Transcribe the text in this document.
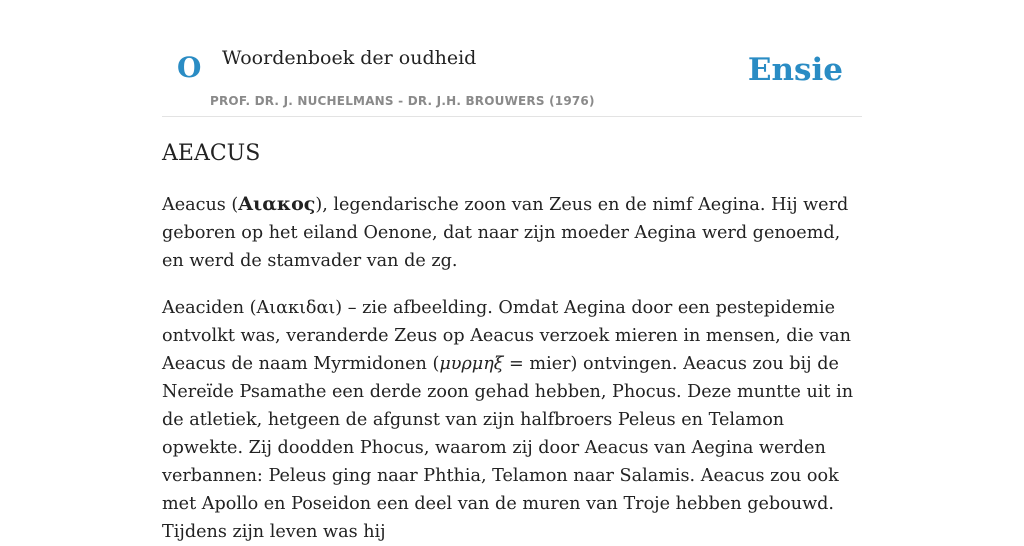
O Woordenboek der oudheid
PROF. DR. J. NUCHELMANS - DR. J.H. BROUWERS (1976)
Ensie
AEACUS

Aeacus (Αιακος), legendarische zoon van Zeus en de nimf Aegina. Hij werd geboren op het eiland Oenone, dat naar zijn moeder Aegina werd genoemd, en werd de stamvader van de zg.

Aeaciden (Αιακιδαι) – zie afbeelding. Omdat Aegina door een pestepidemie ontvolkt was, veranderde Zeus op Aeacus verzoek mieren in mensen, die van Aeacus de naam Myrmidonen (μυρμηξ = mier) ontvingen. Aeacus zou bij de Nereïde Psamathe een derde zoon gehad hebben, Phocus. Deze muntte uit in de atletiek, hetgeen de afgunst van zijn halfbroers Peleus en Telamon opwekte. Zij doodden Phocus, waarom zij door Aeacus van Aegina werden verbannen: Peleus ging naar Phthia, Telamon naar Salamis. Aeacus zou ook met Apollo en Poseidon een deel van de muren van Troje hebben gebouwd. Tijdens zijn leven was hij
